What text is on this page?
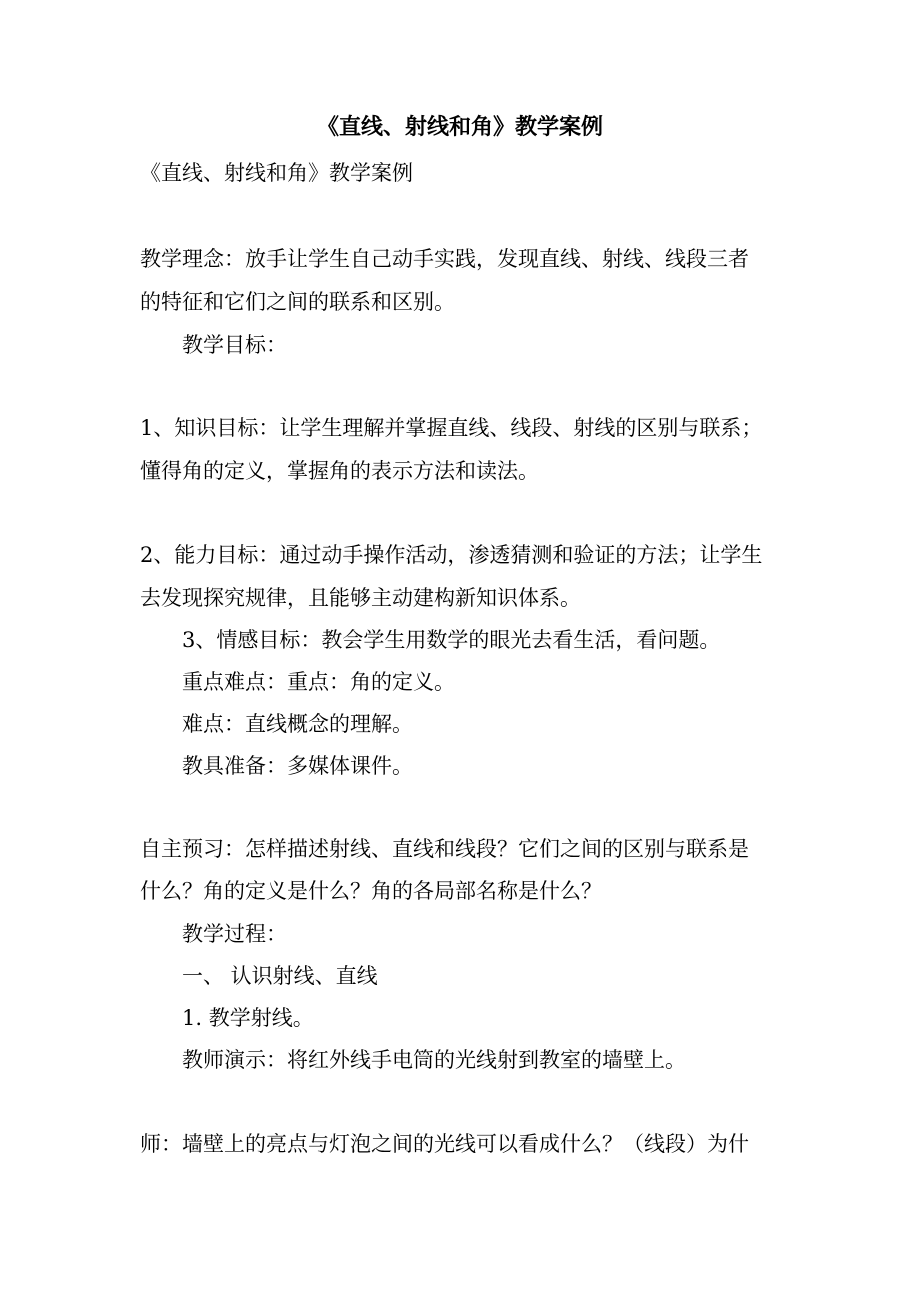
《直线、射线和角》教学案例
《直线、射线和角》教学案例
教学理念：放手让学生自己动手实践，发现直线、射线、线段三者
的特征和它们之间的联系和区别。
教学目标：
1、知识目标：让学生理解并掌握直线、线段、射线的区别与联系；
懂得角的定义，掌握角的表示方法和读法。
2、能力目标：通过动手操作活动，渗透猜测和验证的方法；让学生
去发现探究规律，且能够主动建构新知识体系。
3、情感目标：教会学生用数学的眼光去看生活，看问题。
重点难点：重点：角的定义。
难点：直线概念的理解。
教具准备：多媒体课件。
自主预习：怎样描述射线、直线和线段？它们之间的区别与联系是
什么？角的定义是什么？角的各局部名称是什么？
教学过程：
一、 认识射线、直线
1. 教学射线。
教师演示：将红外线手电筒的光线射到教室的墙壁上。
师：墙壁上的亮点与灯泡之间的光线可以看成什么？（线段）为什
